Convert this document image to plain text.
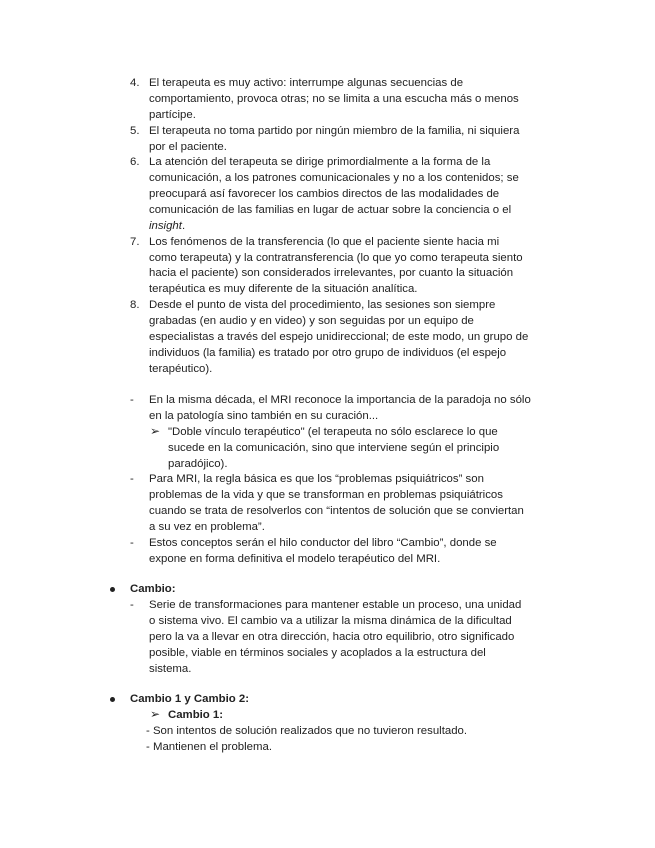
4. El terapeuta es muy activo: interrumpe algunas secuencias de
comportamiento, provoca otras; no se limita a una escucha más o menos
partícipe.
5. El terapeuta no toma partido por ningún miembro de la familia, ni siquiera
por el paciente.
6. La atención del terapeuta se dirige primordialmente a la forma de la
comunicación, a los patrones comunicacionales y no a los contenidos; se
preocupará así favorecer los cambios directos de las modalidades de
comunicación de las familias en lugar de actuar sobre la conciencia o el
insight.
7. Los fenómenos de la transferencia (lo que el paciente siente hacia mi
como terapeuta) y la contratransferencia (lo que yo como terapeuta siento
hacia el paciente) son considerados irrelevantes, por cuanto la situación
terapéutica es muy diferente de la situación analítica.
8. Desde el punto de vista del procedimiento, las sesiones son siempre
grabadas (en audio y en video) y son seguidas por un equipo de
especialistas a través del espejo unidireccional; de este modo, un grupo de
individuos (la familia) es tratado por otro grupo de individuos (el espejo
terapéutico).
- En la misma década, el MRI reconoce la importancia de la paradoja no sólo
en la patología sino también en su curación...
➢ "Doble vínculo terapéutico" (el terapeuta no sólo esclarece lo que
sucede en la comunicación, sino que interviene según el principio
paradójico).
- Para MRI, la regla básica es que los “problemas psiquiátricos” son
problemas de la vida y que se transforman en problemas psiquiátricos
cuando se trata de resolverlos con “intentos de solución que se conviertan
a su vez en problema”.
- Estos conceptos serán el hilo conductor del libro “Cambio”, donde se
expone en forma definitiva el modelo terapéutico del MRI.
Cambio:
- Serie de transformaciones para mantener estable un proceso, una unidad
o sistema vivo. El cambio va a utilizar la misma dinámica de la dificultad
pero la va a llevar en otra dirección, hacia otro equilibrio, otro significado
posible, viable en términos sociales y acoplados a la estructura del
sistema.
Cambio 1 y Cambio 2:
➢ Cambio 1:
- Son intentos de solución realizados que no tuvieron resultado.
- Mantienen el problema.
